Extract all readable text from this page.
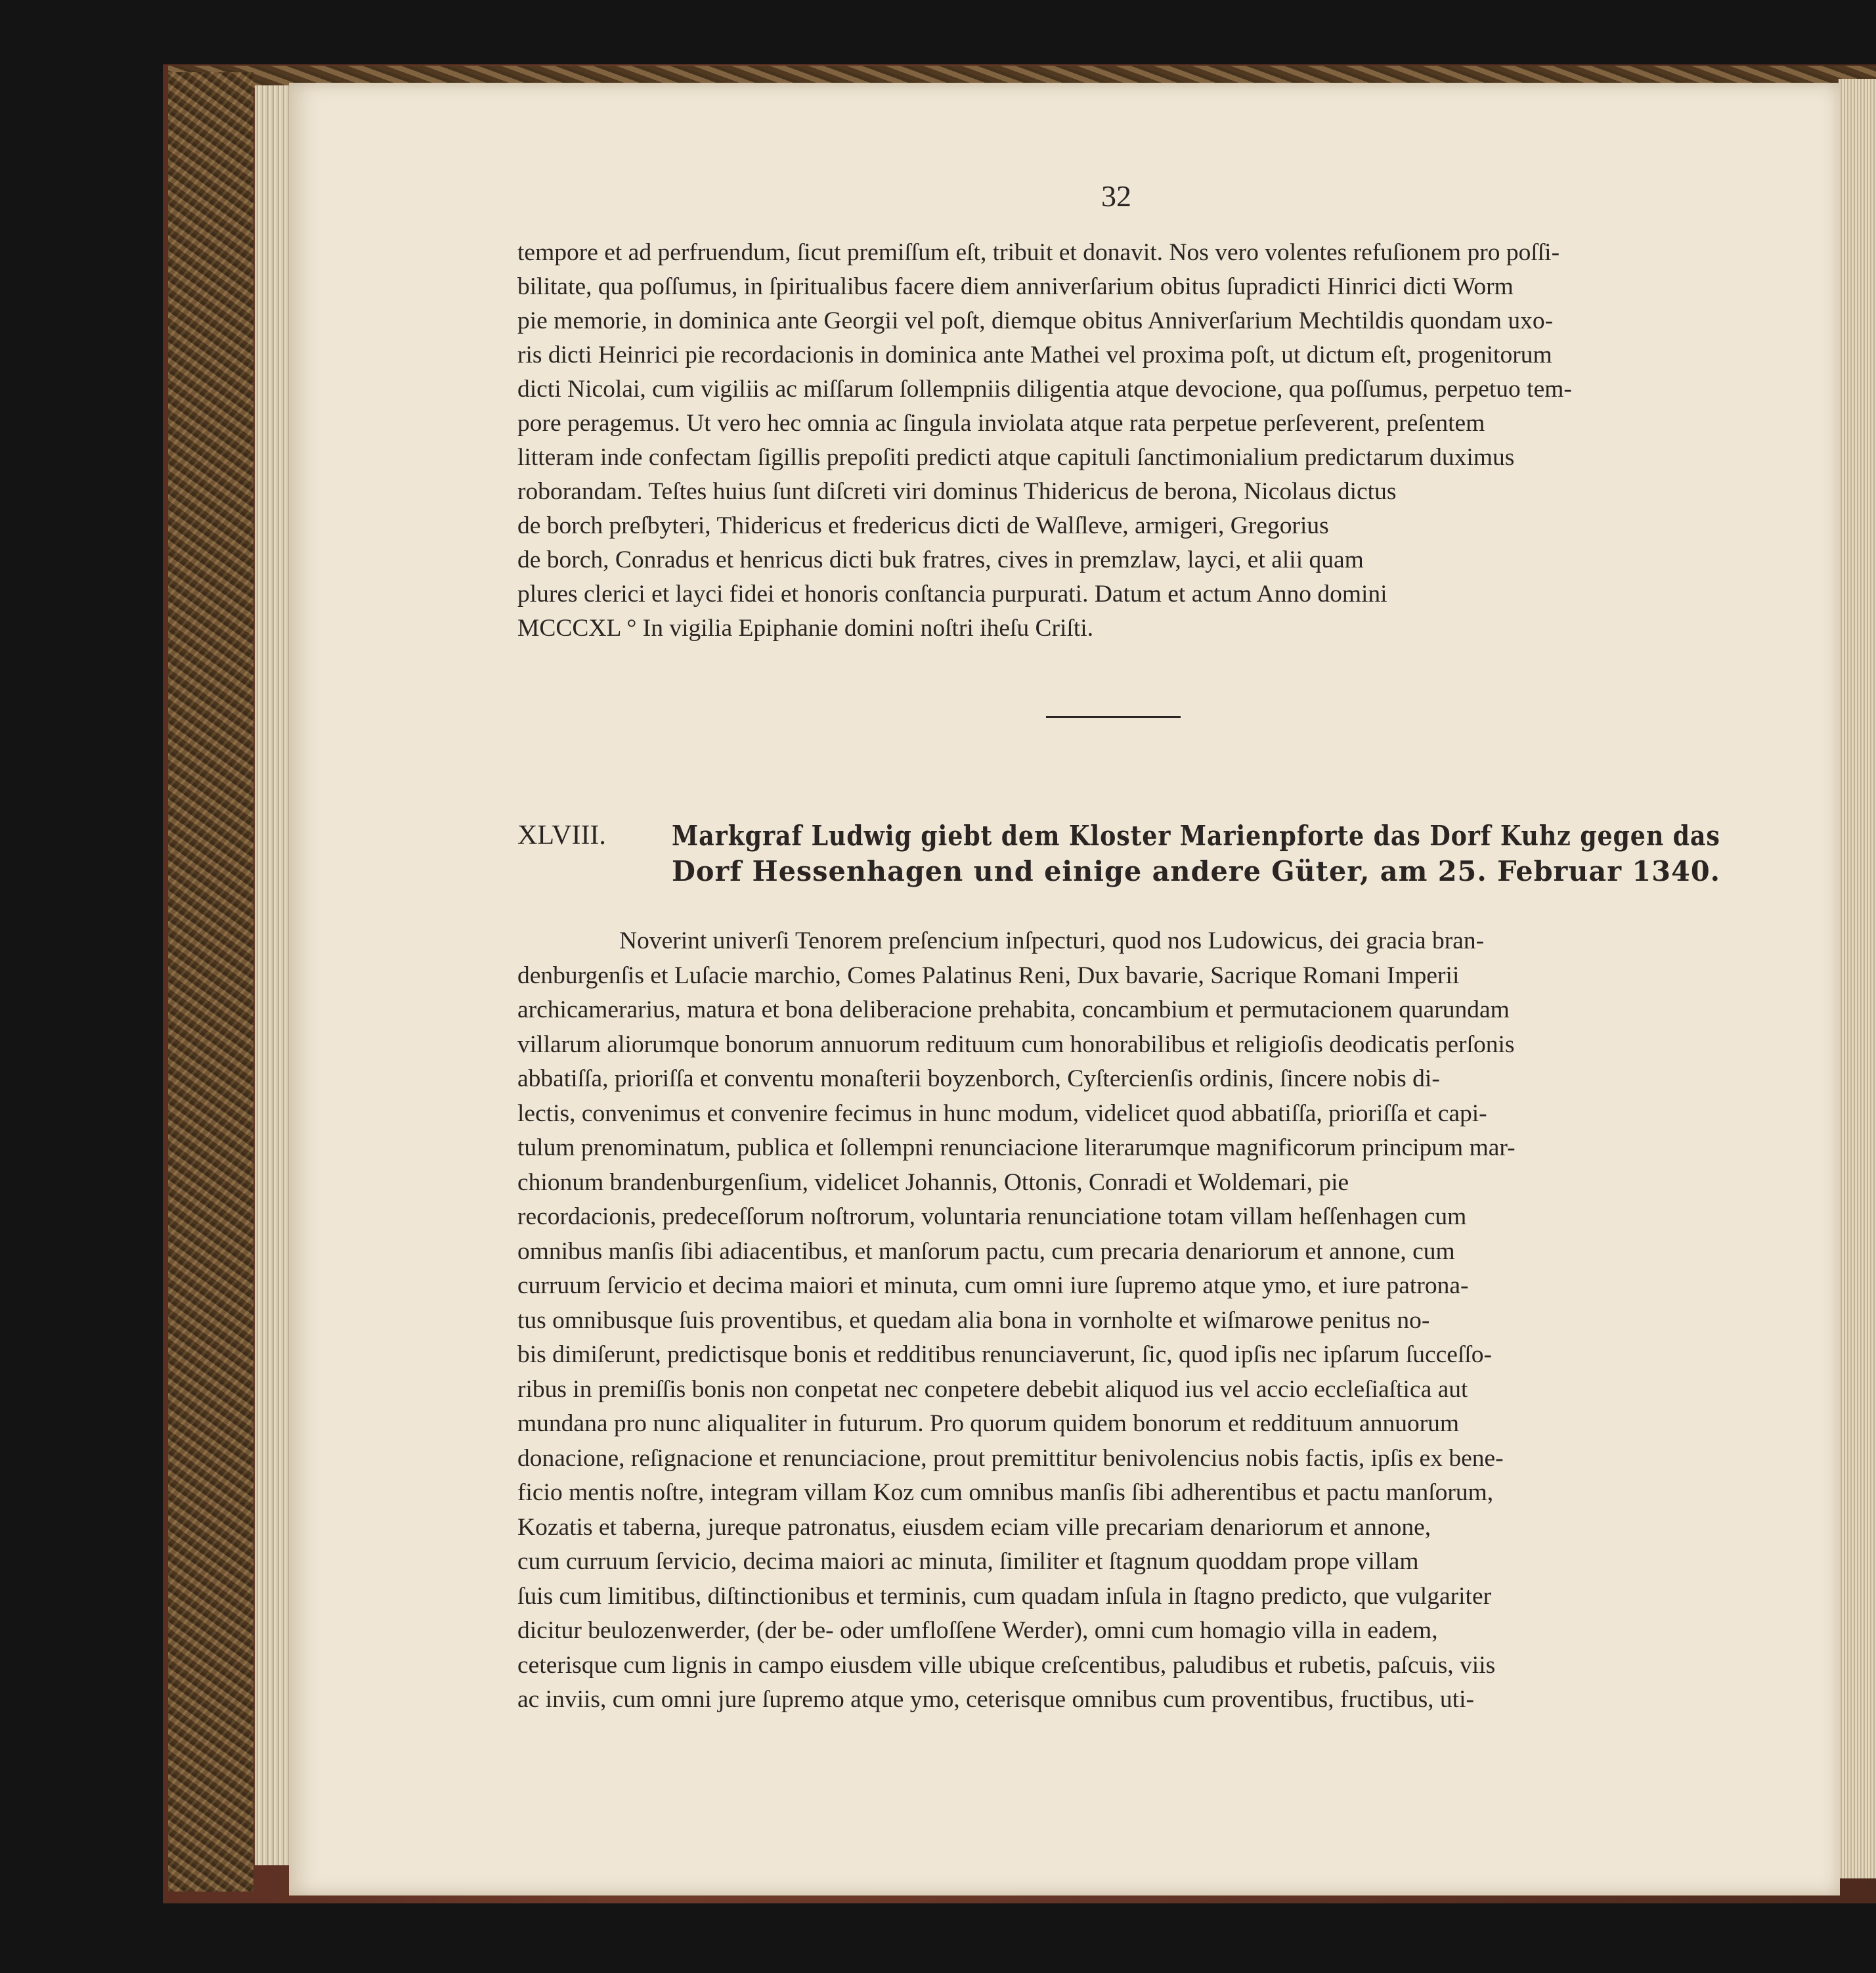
32
tempore et ad perfruendum, ſicut premiſſum eſt, tribuit et donavit. Nos vero volentes refuſionem pro poſſi-
bilitate, qua poſſumus, in ſpiritualibus facere diem anniverſarium obitus ſupradicti Hinrici dicti Worm
pie memorie, in dominica ante Georgii vel poſt, diemque obitus Anniverſarium Mechtildis quondam uxo-
ris dicti Heinrici pie recordacionis in dominica ante Mathei vel proxima poſt, ut dictum eſt, progenitorum
dicti Nicolai, cum vigiliis ac miſſarum ſollempniis diligentia atque devocione, qua poſſumus, perpetuo tem-
pore peragemus. Ut vero hec omnia ac ſingula inviolata atque rata perpetue perſeverent, preſentem
litteram inde confectam ſigillis prepoſiti predicti atque capituli ſanctimonialium predictarum duximus
roborandam. Teſtes huius ſunt diſcreti viri dominus Thidericus de berona, Nicolaus dictus
de borch preſbyteri, Thidericus et fredericus dicti de Walſleve, armigeri, Gregorius
de borch, Conradus et henricus dicti buk fratres, cives in premzlaw, layci, et alii quam
plures clerici et layci fidei et honoris conſtancia purpurati. Datum et actum Anno domini
MCCCXL ° In vigilia Epiphanie domini noſtri iheſu Criſti.
XLVIII. Markgraf Ludwig giebt dem Kloster Marienpforte das Dorf Kuhz gegen das
Dorf Hessenhagen und einige andere Güter, am 25. Februar 1340.
Noverint univerſi Tenorem preſencium inſpecturi, quod nos Ludowicus, dei gracia bran-
denburgenſis et Luſacie marchio, Comes Palatinus Reni, Dux bavarie, Sacrique Romani Imperii
archicamerarius, matura et bona deliberacione prehabita, concambium et permutacionem quarundam
villarum aliorumque bonorum annuorum redituum cum honorabilibus et religioſis deodicatis perſonis
abbatiſſa, prioriſſa et conventu monaſterii boyzenborch, Cyſtercienſis ordinis, ſincere nobis di-
lectis, convenimus et convenire fecimus in hunc modum, videlicet quod abbatiſſa, prioriſſa et capi-
tulum prenominatum, publica et ſollempni renunciacione literarumque magnificorum principum mar-
chionum brandenburgenſium, videlicet Johannis, Ottonis, Conradi et Woldemari, pie
recordacionis, predeceſſorum noſtrorum, voluntaria renunciatione totam villam heſſenhagen cum
omnibus manſis ſibi adiacentibus, et manſorum pactu, cum precaria denariorum et annone, cum
curruum ſervicio et decima maiori et minuta, cum omni iure ſupremo atque ymo, et iure patrona-
tus omnibusque ſuis proventibus, et quedam alia bona in vornholte et wiſmarowe penitus no-
bis dimiſerunt, predictisque bonis et redditibus renunciaverunt, ſic, quod ipſis nec ipſarum ſucceſſo-
ribus in premiſſis bonis non conpetat nec conpetere debebit aliquod ius vel accio eccleſiaſtica aut
mundana pro nunc aliqualiter in futurum. Pro quorum quidem bonorum et reddituum annuorum
donacione, reſignacione et renunciacione, prout premittitur benivolencius nobis factis, ipſis ex bene-
ficio mentis noſtre, integram villam Koz cum omnibus manſis ſibi adherentibus et pactu manſorum,
Kozatis et taberna, jureque patronatus, eiusdem eciam ville precariam denariorum et annone,
cum curruum ſervicio, decima maiori ac minuta, ſimiliter et ſtagnum quoddam prope villam
ſuis cum limitibus, diſtinctionibus et terminis, cum quadam inſula in ſtagno predicto, que vulgariter
dicitur beulozenwerder, (der be- oder umfloſſene Werder), omni cum homagio villa in eadem,
ceterisque cum lignis in campo eiusdem ville ubique creſcentibus, paludibus et rubetis, paſcuis, viis
ac inviis, cum omni jure ſupremo atque ymo, ceterisque omnibus cum proventibus, fructibus, uti-
